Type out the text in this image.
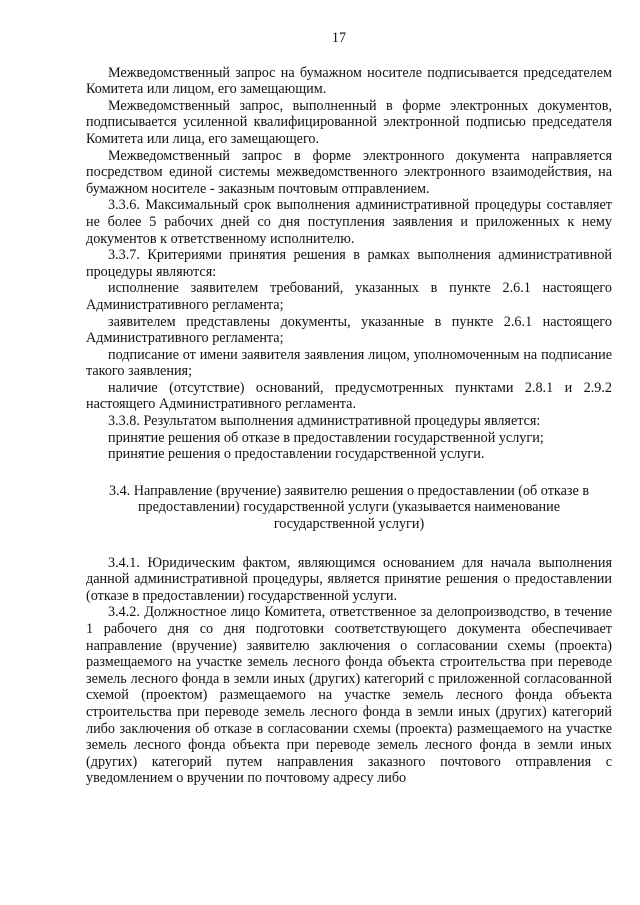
17

Межведомственный запрос на бумажном носителе подписывается председателем Комитета или лицом, его замещающим.

Межведомственный запрос, выполненный в форме электронных документов, подписывается усиленной квалифицированной электронной подписью председателя Комитета или лица, его замещающего.

Межведомственный запрос в форме электронного документа направляется посредством единой системы межведомственного электронного взаимодействия, на бумажном носителе - заказным почтовым отправлением.

3.3.6. Максимальный срок выполнения административной процедуры составляет не более 5 рабочих дней со дня поступления заявления и приложенных к нему документов к ответственному исполнителю.

3.3.7. Критериями принятия решения в рамках выполнения административной процедуры являются:

исполнение заявителем требований, указанных в пункте 2.6.1 настоящего Административного регламента;

заявителем представлены документы, указанные в пункте 2.6.1 настоящего Административного регламента;

подписание от имени заявителя заявления лицом, уполномоченным на подписание такого заявления;

наличие (отсутствие) оснований, предусмотренных пунктами 2.8.1 и 2.9.2 настоящего Административного регламента.

3.3.8. Результатом выполнения административной процедуры является:

принятие решения об отказе в предоставлении государственной услуги;

принятие решения о предоставлении государственной услуги.

3.4. Направление (вручение) заявителю решения о предоставлении (об отказе в предоставлении) государственной услуги (указывается наименование государственной услуги)

3.4.1. Юридическим фактом, являющимся основанием для начала выполнения данной административной процедуры, является принятие решения о предоставлении (отказе в предоставлении) государственной услуги.

3.4.2. Должностное лицо Комитета, ответственное за делопроизводство, в течение 1 рабочего дня со дня подготовки соответствующего документа обеспечивает направление (вручение) заявителю заключения о согласовании схемы (проекта) размещаемого на участке земель лесного фонда объекта строительства при переводе земель лесного фонда в земли иных (других) категорий с приложенной согласованной схемой (проектом) размещаемого на участке земель лесного фонда объекта строительства при переводе земель лесного фонда в земли иных (других) категорий либо заключения об отказе в согласовании схемы (проекта) размещаемого на участке земель лесного фонда объекта при переводе земель лесного фонда в земли иных (других) категорий путем направления заказного почтового отправления с уведомлением о вручении по почтовому адресу либо
